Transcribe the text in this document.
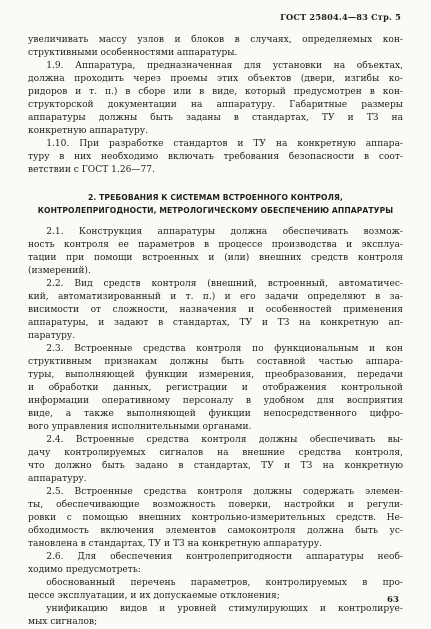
ГОСТ 25804.4—83 Стр. 5
увеличивать массу узлов и блоков в случаях, определяемых кон-
структивными особенностями аппаратуры.
  1.9. Аппаратура, предназначенная для установки на объектах,
должна проходить через проемы этих объектов (двери, изгибы ко-
ридоров и т. п.) в сборе или в виде, который предусмотрен в кон-
структорской документации на аппаратуру. Габаритные размеры
аппаратуры должны быть заданы в стандартах, ТУ и ТЗ на
конкретную аппаратуру.
  1.10. При разработке стандартов и ТУ на конкретную аппара-
туру в них необходимо включать требования безопасности в соот-
ветствии с ГОСТ 1.26—77.
2. ТРЕБОВАНИЯ К СИСТЕМАМ ВСТРОЕННОГО КОНТРОЛЯ,
КОНТРОЛЕПРИГОДНОСТИ, МЕТРОЛОГИЧЕСКОМУ ОБЕСПЕЧЕНИЮ АППАРАТУРЫ
  2.1. Конструкция аппаратуры должна обеспечивать возмож-
ность контроля ее параметров в процессе производства и эксплуа-
тации при помощи встроенных и (или) внешних средств контроля
(измерений).
  2.2. Вид средств контроля (внешний, встроенный, автоматичес-
кий, автоматизированный и т. п.) и его задачи определяют в за-
висимости от сложности, назначения и особенностей применения
аппаратуры, и задают в стандартах, ТУ и ТЗ на конкретную ап-
паратуру.
  2.3. Встроенные средства контроля по функциональным и кон
структивным признакам должны быть составной частью аппара-
туры, выполняющей функции измерения, преобразования, передачи
и обработки данных, регистрации и отображения контрольной
информации оперативному персоналу в удобном для восприятия
виде, а также выполняющей функции непосредственного цифро-
вого управления исполнительными органами.
  2.4. Встроенные средства контроля должны обеспечивать вы-
дачу контролируемых сигналов на внешние средства контроля,
что должно быть задано в стандартах, ТУ и ТЗ на конкретную
аппаратуру.
  2.5. Встроенные средства контроля должны содержать элемен-
ты, обеспечивающие возможность поверки, настройки и регули-
ровки с помощью внешних контрольно-измерительных средств. Не-
обходимость включения элементов самоконтроля должна быть ус-
тановлена в стандартах, ТУ и ТЗ на конкретную аппаратуру.
  2.6. Для обеспечения контролепригодности аппаратуры необ-
ходимо предусмотреть:
  обоснованный перечень параметров, контролируемых в про-
цессе эксплуатации, и их допускаемые отклонения;
  унификацию видов и уровней стимулирующих и контролируе-
мых сигналов;
63
